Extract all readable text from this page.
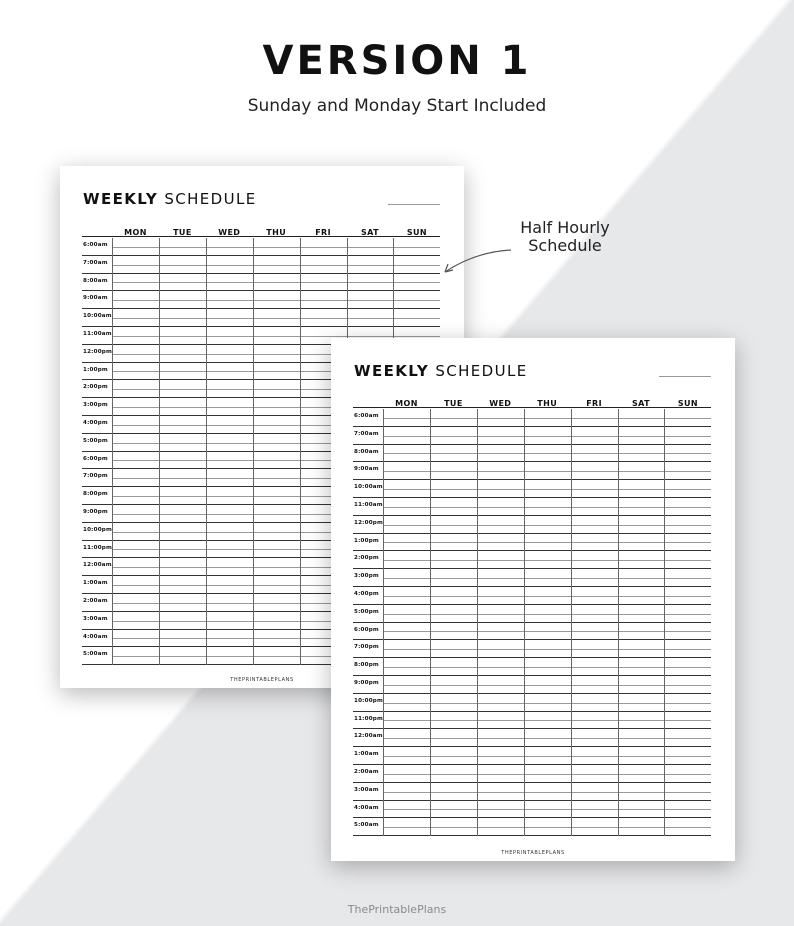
VERSION 1
Sunday and Monday Start Included
Half Hourly
Schedule
WEEKLY SCHEDULE
MON	TUE	WED	THU	FRI	SAT	SUN
6:00am
7:00am
8:00am
9:00am
10:00am
11:00am
12:00pm
1:00pm
2:00pm
3:00pm
4:00pm
5:00pm
6:00pm
7:00pm
8:00pm
9:00pm
10:00pm
11:00pm
12:00am
1:00am
2:00am
3:00am
4:00am
5:00am
THEPRINTABLEPLANS
WEEKLY SCHEDULE
MON	TUE	WED	THU	FRI	SAT	SUN
6:00am
7:00am
8:00am
9:00am
10:00am
11:00am
12:00pm
1:00pm
2:00pm
3:00pm
4:00pm
5:00pm
6:00pm
7:00pm
8:00pm
9:00pm
10:00pm
11:00pm
12:00am
1:00am
2:00am
3:00am
4:00am
5:00am
THEPRINTABLEPLANS
ThePrintablePlans
